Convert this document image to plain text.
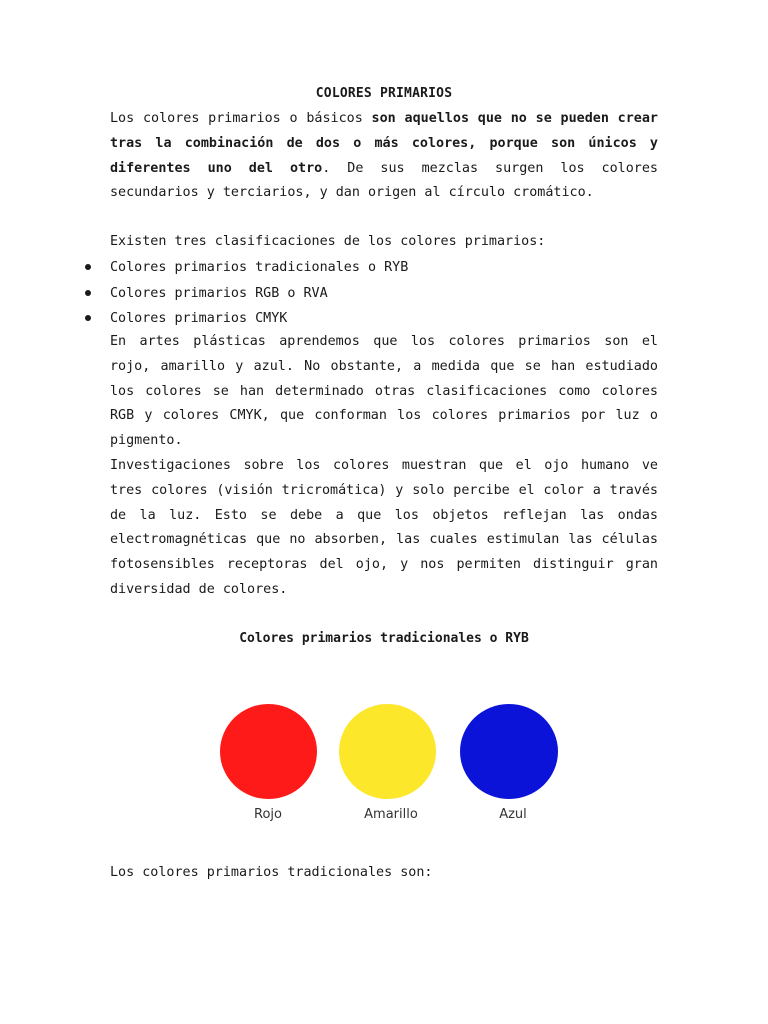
COLORES PRIMARIOS

Los colores primarios o básicos son aquellos que no se pueden crear tras la combinación de dos o más colores, porque son únicos y diferentes uno del otro. De sus mezclas surgen los colores secundarios y terciarios, y dan origen al círculo cromático.

Existen tres clasificaciones de los colores primarios:

Colores primarios tradicionales o RYB
Colores primarios RGB o RVA
Colores primarios CMYK

En artes plásticas aprendemos que los colores primarios son el rojo, amarillo y azul. No obstante, a medida que se han estudiado los colores se han determinado otras clasificaciones como colores RGB y colores CMYK, que conforman los colores primarios por luz o pigmento.

Investigaciones sobre los colores muestran que el ojo humano ve tres colores (visión tricromática) y solo percibe el color a través de la luz. Esto se debe a que los objetos reflejan las ondas electromagnéticas que no absorben, las cuales estimulan las células fotosensibles receptoras del ojo, y nos permiten distinguir gran diversidad de colores.

Colores primarios tradicionales o RYB
Rojo	Amarillo	Azul

Los colores primarios tradicionales son:
